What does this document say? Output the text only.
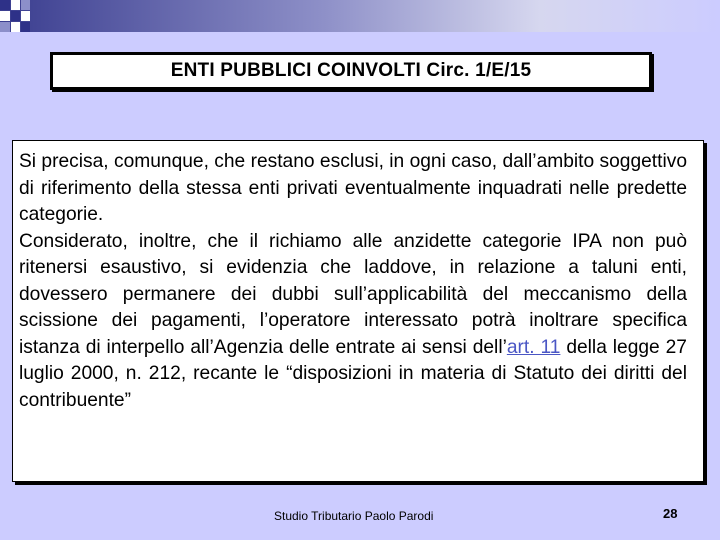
ENTI PUBBLICI COINVOLTI Circ. 1/E/15

Si precisa, comunque, che restano esclusi, in ogni caso, dall’ambito soggettivo di riferimento della stessa enti privati eventualmente inquadrati nelle predette categorie.

Considerato, inoltre, che il richiamo alle anzidette categorie IPA non può ritenersi esaustivo, si evidenzia che laddove, in relazione a taluni enti, dovessero permanere dei dubbi sull’applicabilità del meccanismo della scissione dei pagamenti, l’operatore interessato potrà inoltrare specifica istanza di interpello all’Agenzia delle entrate ai sensi dell’art. 11 della legge 27 luglio 2000, n. 212, recante le “disposizioni in materia di Statuto dei diritti del contribuente”

Studio Tributario Paolo Parodi	28
